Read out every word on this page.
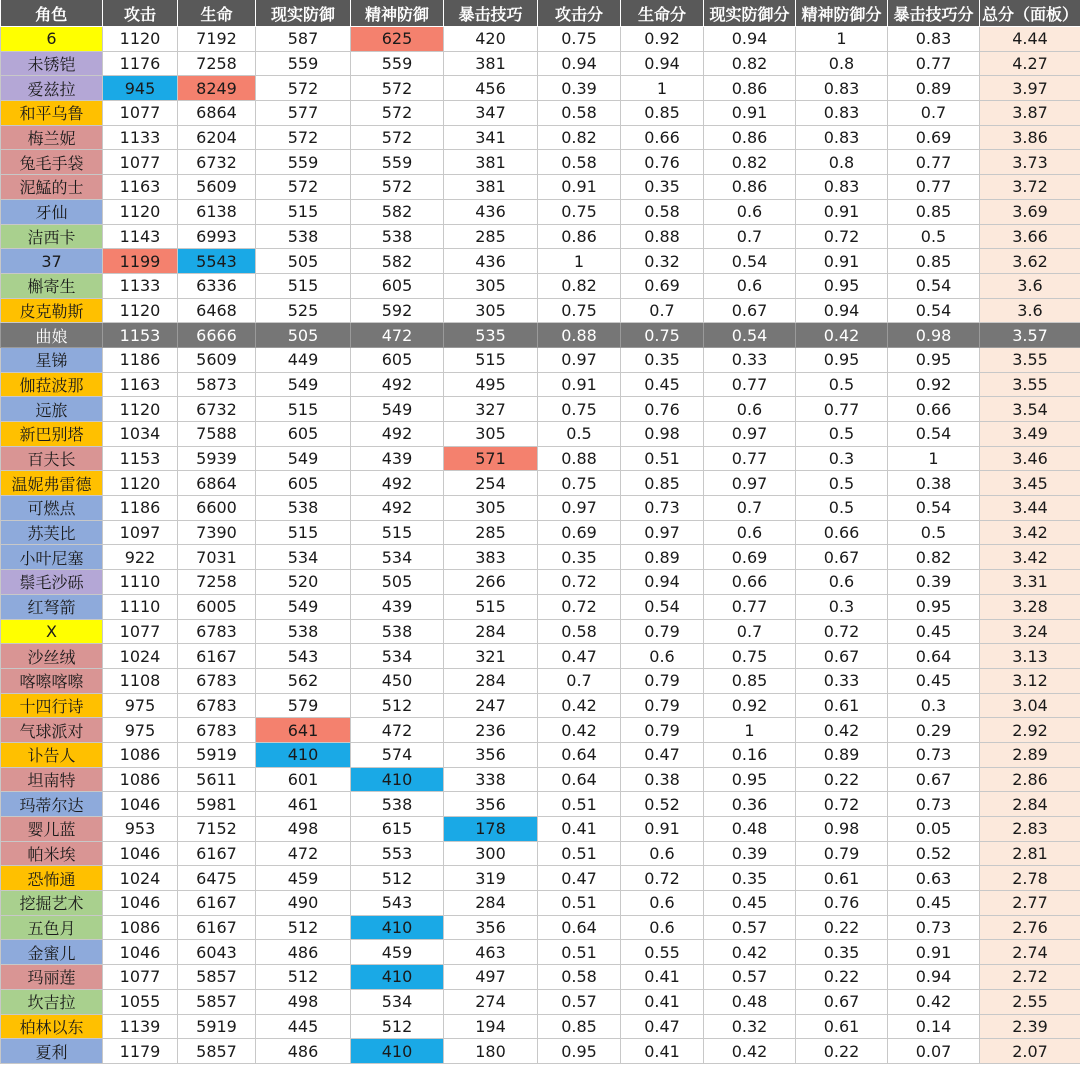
角色	攻击	生命	现实防御	精神防御	暴击技巧	攻击分	生命分	现实防御分	精神防御分	暴击技巧分	总分（面板）
6	1120	7192	587	625	420	0.75	0.92	0.94	1	0.83	4.44
未锈铠	1176	7258	559	559	381	0.94	0.94	0.82	0.8	0.77	4.27
爱兹拉	945	8249	572	572	456	0.39	1	0.86	0.83	0.89	3.97
和平乌鲁	1077	6864	577	572	347	0.58	0.85	0.91	0.83	0.7	3.87
梅兰妮	1133	6204	572	572	341	0.82	0.66	0.86	0.83	0.69	3.86
兔毛手袋	1077	6732	559	559	381	0.58	0.76	0.82	0.8	0.77	3.73
泥鯭的士	1163	5609	572	572	381	0.91	0.35	0.86	0.83	0.77	3.72
牙仙	1120	6138	515	582	436	0.75	0.58	0.6	0.91	0.85	3.69
洁西卡	1143	6993	538	538	285	0.86	0.88	0.7	0.72	0.5	3.66
37	1199	5543	505	582	436	1	0.32	0.54	0.91	0.85	3.62
槲寄生	1133	6336	515	605	305	0.82	0.69	0.6	0.95	0.54	3.6
皮克勒斯	1120	6468	525	592	305	0.75	0.7	0.67	0.94	0.54	3.6
曲娘	1153	6666	505	472	535	0.88	0.75	0.54	0.42	0.98	3.57
星锑	1186	5609	449	605	515	0.97	0.35	0.33	0.95	0.95	3.55
伽菈波那	1163	5873	549	492	495	0.91	0.45	0.77	0.5	0.92	3.55
远旅	1120	6732	515	549	327	0.75	0.76	0.6	0.77	0.66	3.54
新巴别塔	1034	7588	605	492	305	0.5	0.98	0.97	0.5	0.54	3.49
百夫长	1153	5939	549	439	571	0.88	0.51	0.77	0.3	1	3.46
温妮弗雷德	1120	6864	605	492	254	0.75	0.85	0.97	0.5	0.38	3.45
可燃点	1186	6600	538	492	305	0.97	0.73	0.7	0.5	0.54	3.44
苏芙比	1097	7390	515	515	285	0.69	0.97	0.6	0.66	0.5	3.42
小叶尼塞	922	7031	534	534	383	0.35	0.89	0.69	0.67	0.82	3.42
鬃毛沙砾	1110	7258	520	505	266	0.72	0.94	0.66	0.6	0.39	3.31
红弩箭	1110	6005	549	439	515	0.72	0.54	0.77	0.3	0.95	3.28
X	1077	6783	538	538	284	0.58	0.79	0.7	0.72	0.45	3.24
沙丝绒	1024	6167	543	534	321	0.47	0.6	0.75	0.67	0.64	3.13
喀嚓喀嚓	1108	6783	562	450	284	0.7	0.79	0.85	0.33	0.45	3.12
十四行诗	975	6783	579	512	247	0.42	0.79	0.92	0.61	0.3	3.04
气球派对	975	6783	641	472	236	0.42	0.79	1	0.42	0.29	2.92
讣告人	1086	5919	410	574	356	0.64	0.47	0.16	0.89	0.73	2.89
坦南特	1086	5611	601	410	338	0.64	0.38	0.95	0.22	0.67	2.86
玛蒂尔达	1046	5981	461	538	356	0.51	0.52	0.36	0.72	0.73	2.84
婴儿蓝	953	7152	498	615	178	0.41	0.91	0.48	0.98	0.05	2.83
帕米埃	1046	6167	472	553	300	0.51	0.6	0.39	0.79	0.52	2.81
恐怖通	1024	6475	459	512	319	0.47	0.72	0.35	0.61	0.63	2.78
挖掘艺术	1046	6167	490	543	284	0.51	0.6	0.45	0.76	0.45	2.77
五色月	1086	6167	512	410	356	0.64	0.6	0.57	0.22	0.73	2.76
金蜜儿	1046	6043	486	459	463	0.51	0.55	0.42	0.35	0.91	2.74
玛丽莲	1077	5857	512	410	497	0.58	0.41	0.57	0.22	0.94	2.72
坎吉拉	1055	5857	498	534	274	0.57	0.41	0.48	0.67	0.42	2.55
柏林以东	1139	5919	445	512	194	0.85	0.47	0.32	0.61	0.14	2.39
夏利	1179	5857	486	410	180	0.95	0.41	0.42	0.22	0.07	2.07
